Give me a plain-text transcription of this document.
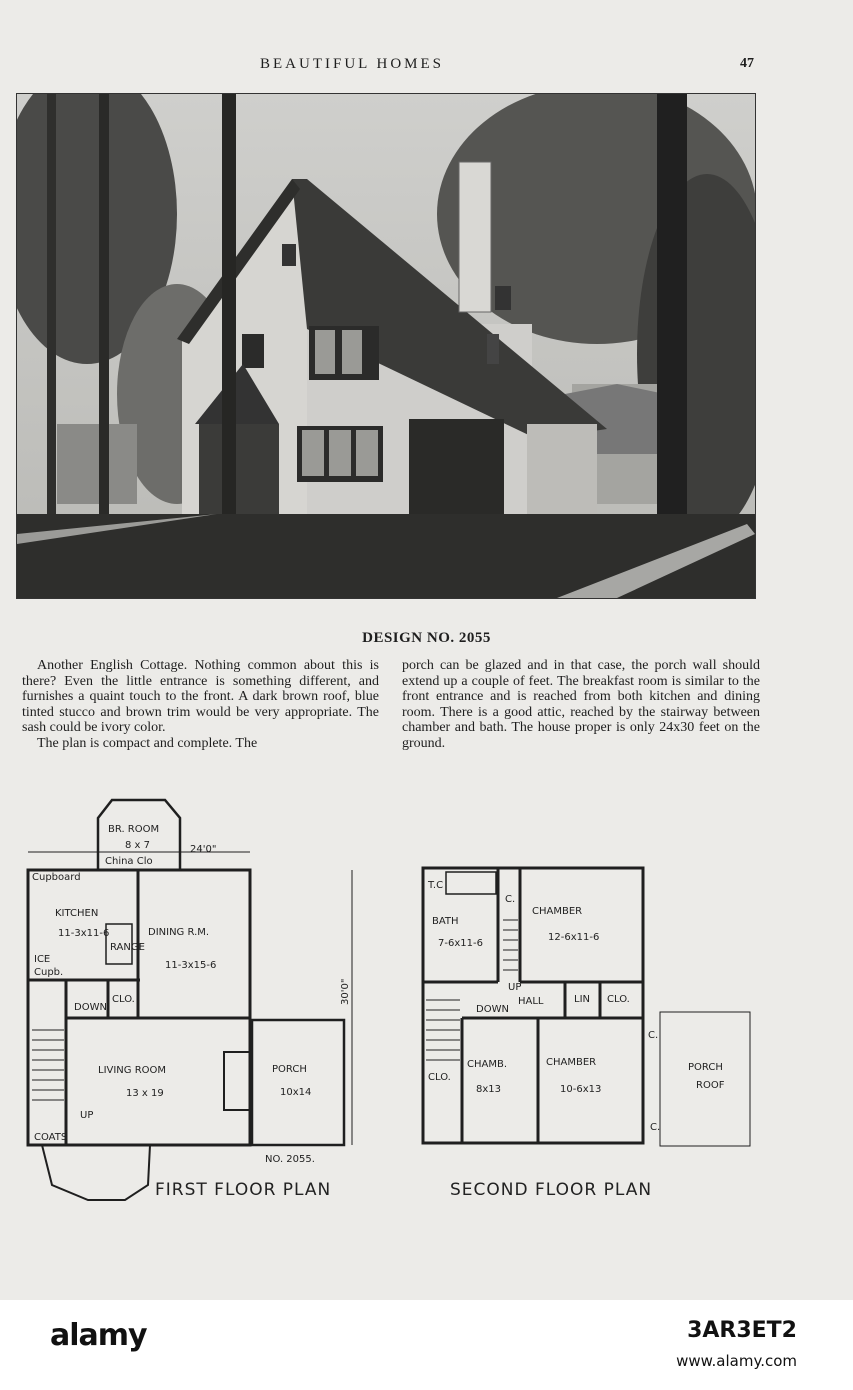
BEAUTIFUL HOMES	47
DESIGN NO. 2055

Another English Cottage. Nothing common about this is there? Even the little entrance is something different, and furnishes a quaint touch to the front. A dark brown roof, blue tinted stucco and brown trim would be very appropriate. The sash could be ivory color.

The plan is compact and complete. The

porch can be glazed and in that case, the porch wall should extend up a couple of feet. The breakfast room is similar to the front entrance and is reached from both kitchen and dining room. There is a good attic, reached by the stairway between chamber and bath. The house proper is only 24x30 feet on the ground.

BR. ROOM
8 x 7	24'0"
China Clo
Cupboard
KITCHEN
11-3x11-6
RANGE
ICE
Cupb.
DOWN
CLO.
DINING R.M.
11-3x15-6
LIVING ROOM
13 x 19
UP
COATS
PORCH
10x14
NO. 2055.
30'0"
T.C
BATH
7-6x11-6
C.
CHAMBER
12-6x11-6
UP
HALL	LIN CLO.
DOWN
CHAMB.
8x13
CLO.
CHAMBER
10-6x13
C.
C.
PORCH
ROOF
FIRST FLOOR PLAN	SECOND FLOOR PLAN
alamy	3AR3ET2
www.alamy.com
